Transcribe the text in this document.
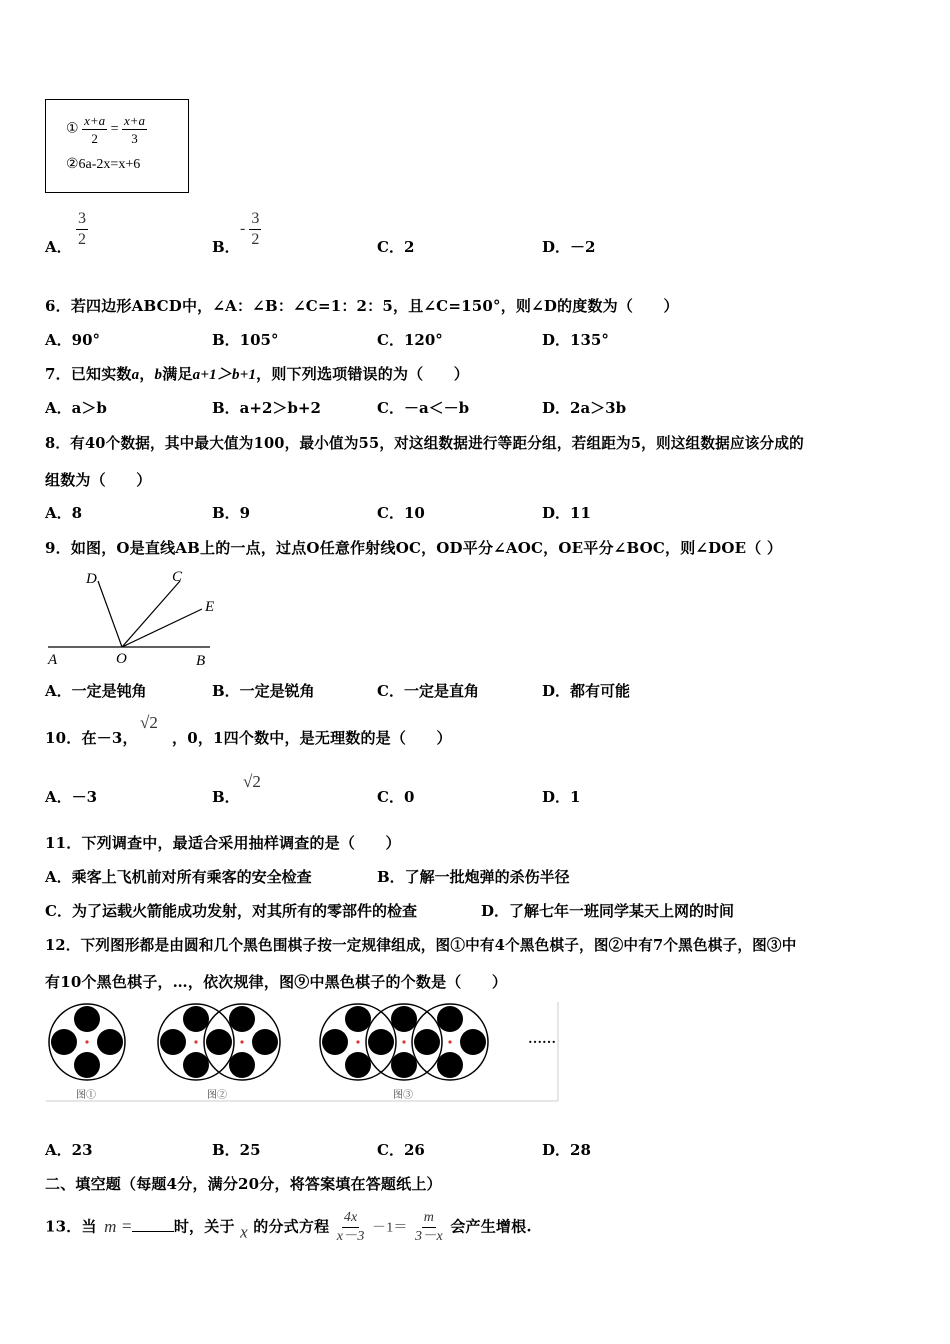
① $\frac{x+a}{2} = \frac{x+a}{3}$
②6a-2x=x+6
A． $\frac{3}{2}$	B．
- $\frac{3}{2}$	C．2	D．－2
6．若四边形ABCD中，∠A：∠B：∠C=1：2：5，且∠C=150°，则∠D的度数为（　　）
A．90°	B．105°	C．120°	D．135°
7．已知实数a，b满足a+1＞b+1，则下列选项错误的为（　　）
A．a＞b	B．a+2＞b+2	C．－a＜－b	D．2a＞3b
8．有40个数据，其中最大值为100，最小值为55，对这组数据进行等距分组，若组距为5，则这组数据应该分成的
组数为（　　）
A．8	B．9	C．10	D．11
9．如图，O是直线AB上的一点，过点O任意作射线OC，OD平分∠AOC，OE平分∠BOC，则∠DOE（ ）
D	C
E
A	O	B
A．一定是钝角	B．一定是锐角	C．一定是直角	D．都有可能
10．在－3，
√2
，0，1四个数中，是无理数的是（　　）
A．－3	B．
√2
C．0	D．1
11．下列调查中，最适合采用抽样调查的是（　　）
A．乘客上飞机前对所有乘客的安全检查	B．了解一批炮弹的杀伤半径
C．为了运载火箭能成功发射，对其所有的零部件的检查	D．了解七年一班同学某天上网的时间
12．下列图形都是由圆和几个黑色围棋子按一定规律组成，图①中有4个黑色棋子，图②中有7个黑色棋子，图③中
有10个黑色棋子，…，依次规律，图⑨中黑色棋子的个数是（　　）
……
图①	图②	图③
A．23	B．25	C．26	D．28
二、填空题（每题4分，满分20分，将答案填在答题纸上）
13．当 m =	时，关于 x 的分式方程 $\frac{4x}{x-3} -1= \frac{m}{3-x}$ 会产生增根.
